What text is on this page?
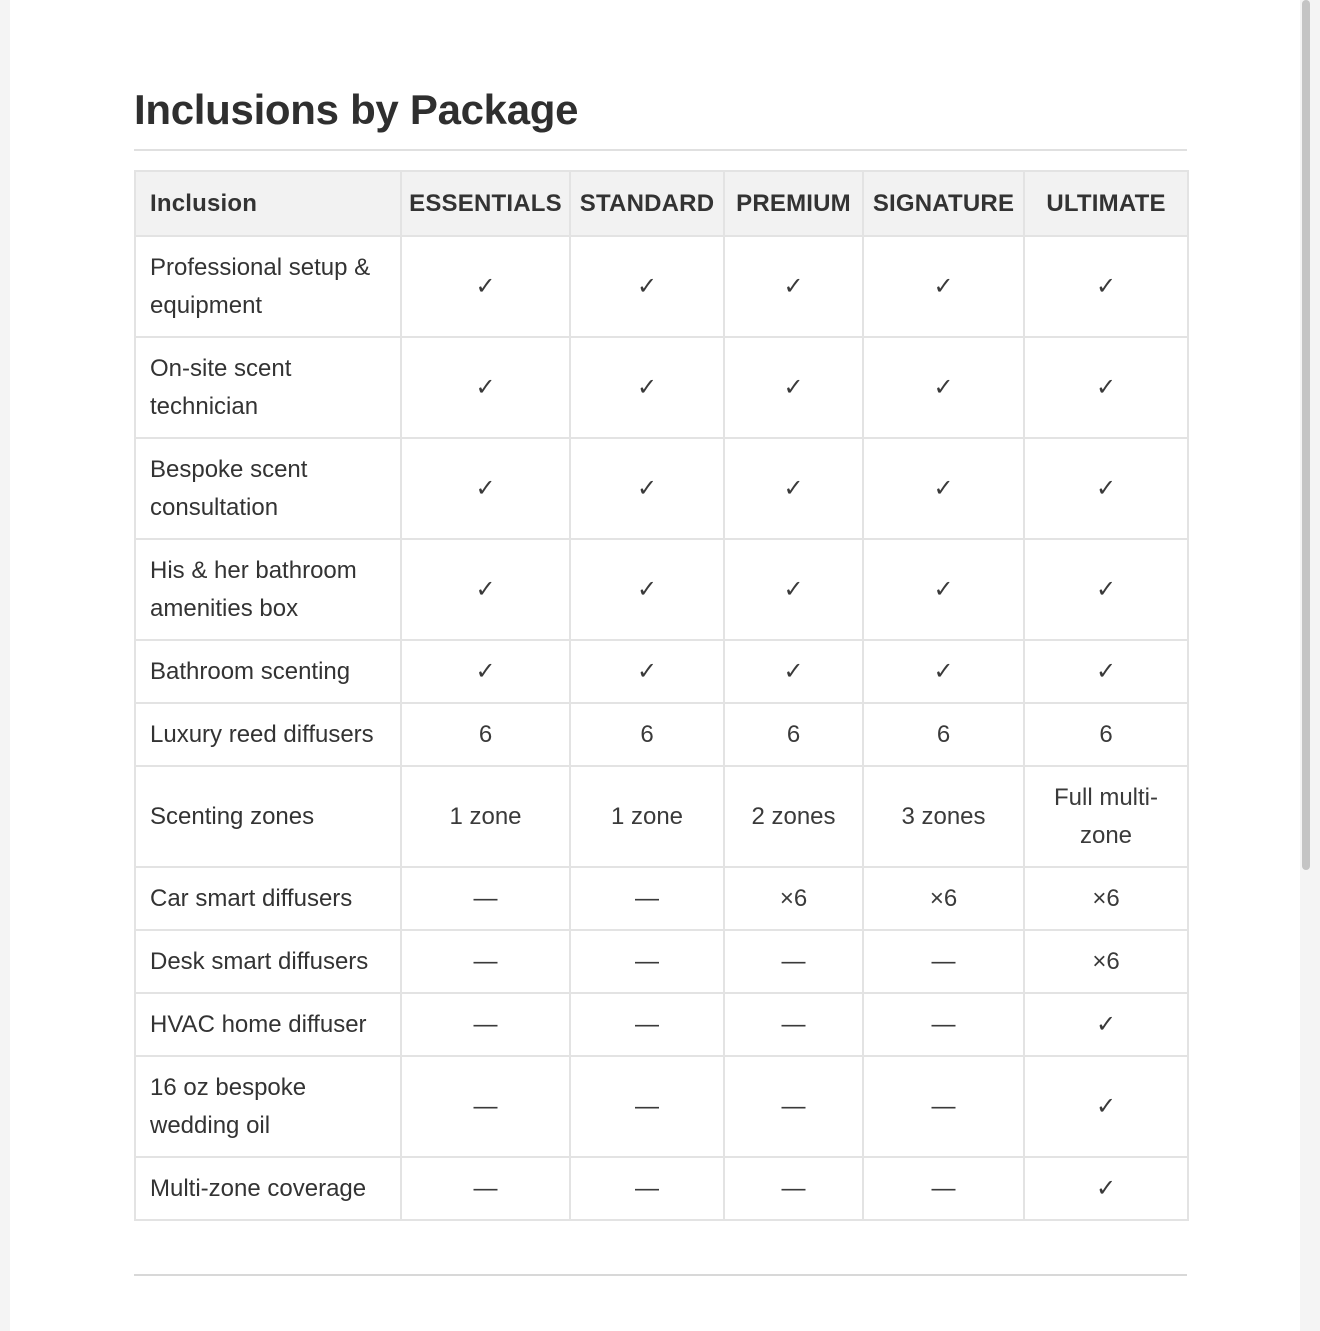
Inclusions by Package
Inclusion	ESSENTIALS	STANDARD	PREMIUM	SIGNATURE	ULTIMATE
Professional setup & equipment	✓	✓	✓	✓	✓
On-site scent technician	✓	✓	✓	✓	✓
Bespoke scent consultation	✓	✓	✓	✓	✓
His & her bathroom amenities box	✓	✓	✓	✓	✓
Bathroom scenting	✓	✓	✓	✓	✓
Luxury reed diffusers	6	6	6	6	6
Scenting zones	1 zone	1 zone	2 zones	3 zones	Full multi-zone
Car smart diffusers	—	—	×6	×6	×6
Desk smart diffusers	—	—	—	—	×6
HVAC home diffuser	—	—	—	—	✓
16 oz bespoke wedding oil	—	—	—	—	✓
Multi-zone coverage	—	—	—	—	✓
